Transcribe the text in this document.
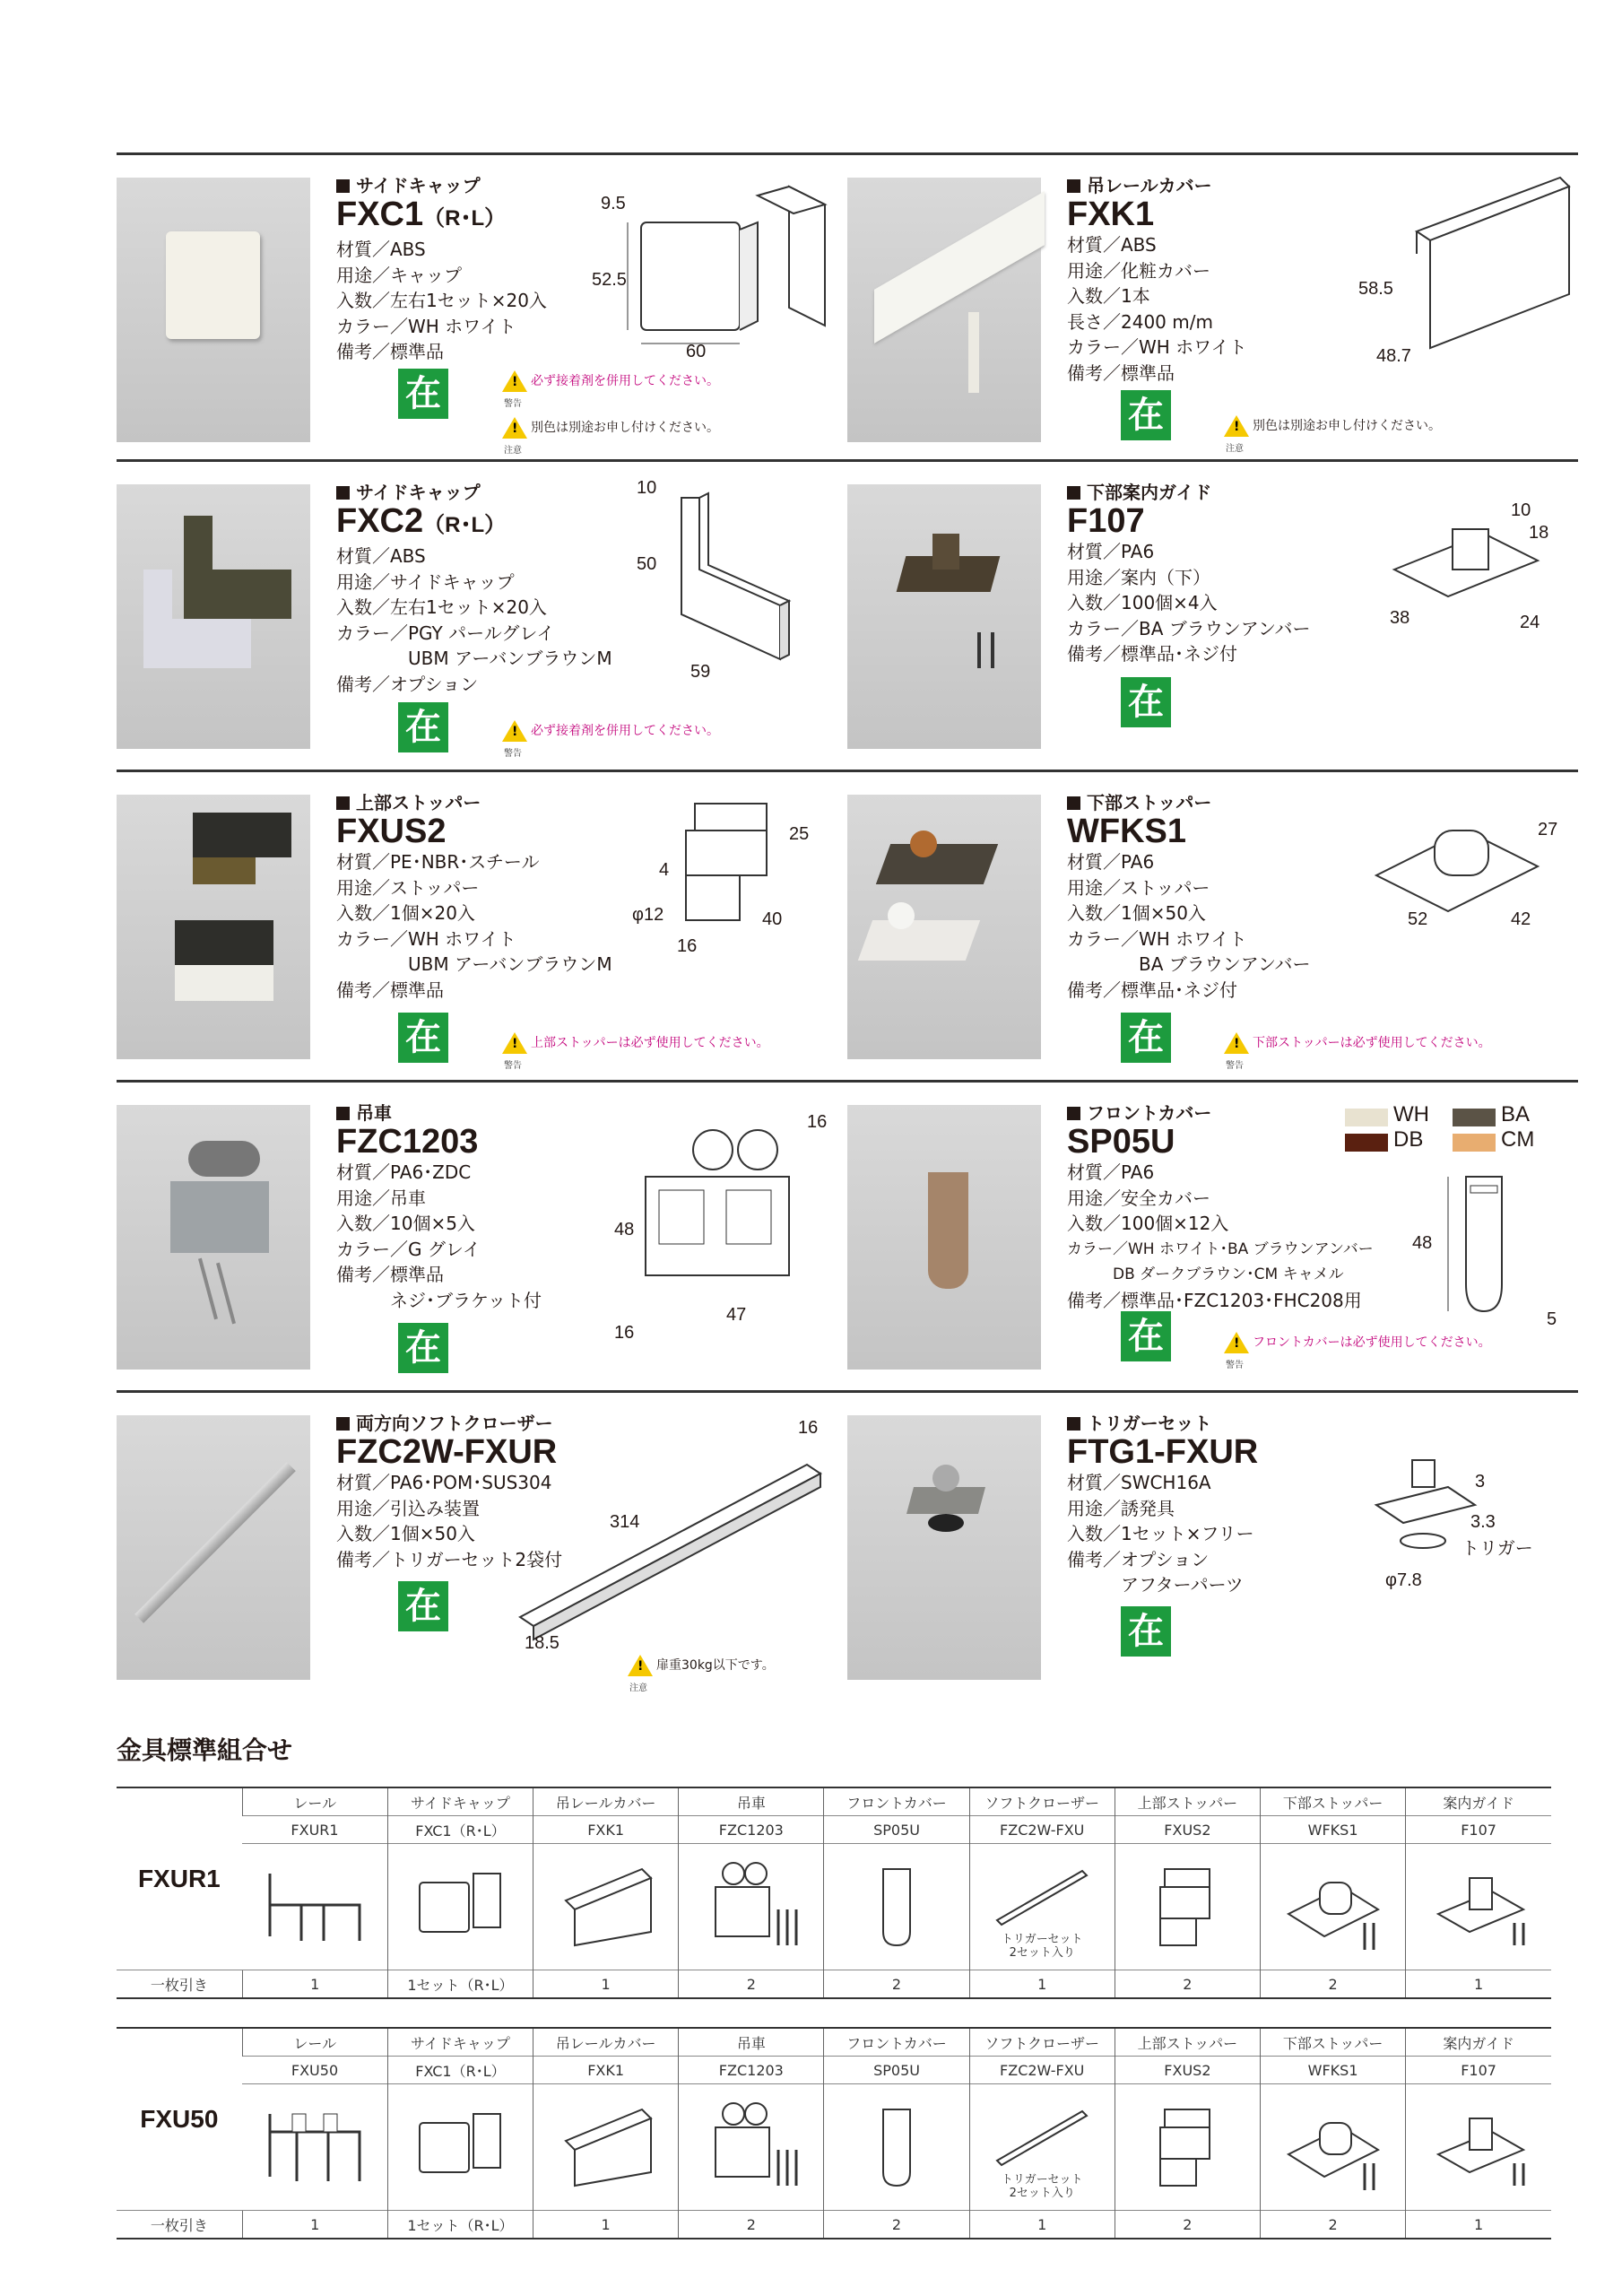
サイドキャップ
FXC1（R･L）
材質／ABS
用途／キャップ
入数／左右1セット×20入
カラー／WH ホワイト
備考／標準品
在
!	警告
必ず接着剤を併用してください。
!
注意
別色は別途お申し付けください。
9.5
52.5
60
吊レールカバー
FXK1
材質／ABS
用途／化粧カバー
入数／1本
長さ／2400 m/m
カラー／WH ホワイト
備考／標準品
在
!
注意
別色は別途お申し付けください。
58.5
48.7
サイドキャップ
FXC2（R･L）
材質／ABS
用途／サイドキャップ
入数／左右1セット×20入
カラー／PGY パールグレイ
　　　　UBM アーバンブラウンM
備考／オプション
在
!
警告
必ず接着剤を併用してください。
10
50
59
下部案内ガイド
F107
材質／PA6
用途／案内（下）
入数／100個×4入
カラー／BA ブラウンアンバー
備考／標準品･ネジ付
在
10
18
38	24
上部ストッパー
FXUS2
材質／PE･NBR･スチール
用途／ストッパー
入数／1個×20入
カラー／WH ホワイト
　　　　UBM アーバンブラウンM
備考／標準品
在
!
警告
上部ストッパーは必ず使用してください。
25
4
φ12
16
40
下部ストッパー
WFKS1
材質／PA6
用途／ストッパー
入数／1個×50入
カラー／WH ホワイト
　　　　BA ブラウンアンバー
備考／標準品･ネジ付
在
!
警告
下部ストッパーは必ず使用してください。
27
52	42
吊車
FZC1203
材質／PA6･ZDC
用途／吊車
入数／10個×5入
カラー／G グレイ
備考／標準品
　　　ネジ･ブラケット付
在
16
48
16
47
フロントカバー
SP05U
材質／PA6
用途／安全カバー
入数／100個×12入
カラー／WH ホワイト･BA ブラウンアンバー
　　　DB ダークブラウン･CM キャメル
備考／標準品･FZC1203･FHC208用
在
!
警告
フロントカバーは必ず使用してください。
WH	BA DB	CM
48
5
両方向ソフトクローザー
FZC2W-FXUR
材質／PA6･POM･SUS304
用途／引込み装置
入数／1個×50入
備考／トリガーセット2袋付
在
!
注意
扉重30kg以下です。
16
314
18.5
トリガーセット
FTG1-FXUR
材質／SWCH16A
用途／誘発具
入数／1セット×フリー
備考／オプション
　　　アフターパーツ
在
3
3.3
トリガー
φ7.8
金具標準組合せ
FXUR1	レール	サイドキャップ	吊レールカバー	吊車	フロントカバー	ソフトクローザー	上部ストッパー	下部ストッパー	案内ガイド
	FXUR1	FXC1（R･L）	FXK1	FZC1203	SP05U	FZC2W-FXU	FXUS2	WFKS1	F107

トリガーセット
2セット入り

一枚引き	1	1セット（R･L）	1	2	2	1	2	2	1
FXU50	レール	サイドキャップ	吊レールカバー	吊車	フロントカバー	ソフトクローザー	上部ストッパー	下部ストッパー	案内ガイド
	FXU50	FXC1（R･L）	FXK1	FZC1203	SP05U	FZC2W-FXU	FXUS2	WFKS1	F107

トリガーセット
2セット入り

一枚引き	1	1セット（R･L）	1	2	2	1	2	2	1
